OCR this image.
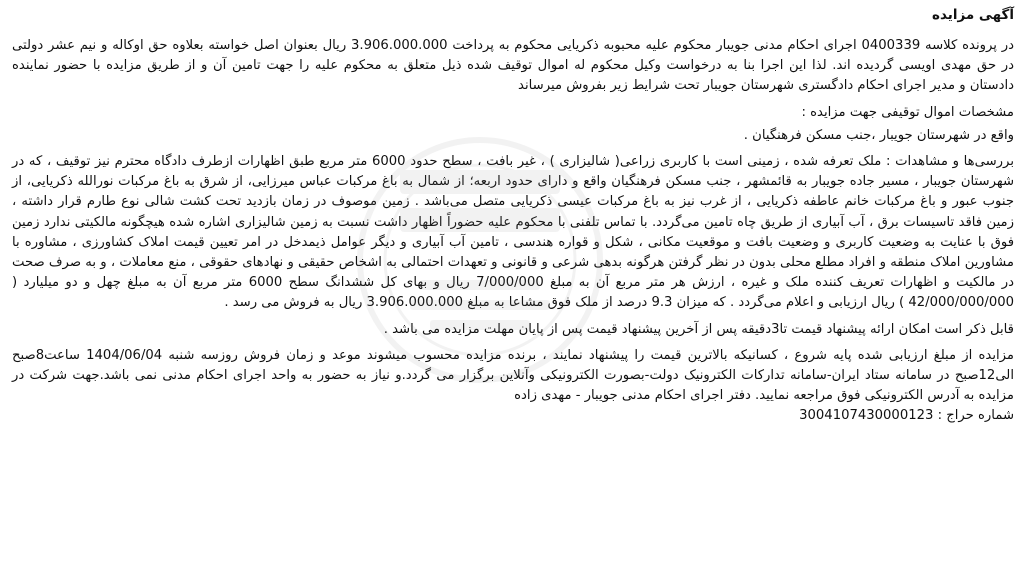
آگهی مزایده

در پرونده کلاسه 0400339 اجرای احکام مدنی جویبار محکوم علیه محبوبه ذکریایی محکوم به پرداخت 3.906.000.000 ریال بعنوان اصل خواسته بعلاوه حق اوکاله و نیم عشر دولتی در حق مهدی اویسی گردیده اند. لذا این اجرا بنا به درخواست وکیل محکوم له اموال توقیف شده ذیل متعلق به محکوم علیه را جهت تامین آن و از طریق مزایده با حضور نماینده دادستان و مدیر اجرای احکام دادگستری شهرستان جویبار تحت شرایط زیر بفروش میرساند

مشخصات اموال توقیفی جهت مزایده :

واقع در شهرستان جویبار ،جنب مسکن فرهنگیان .

بررسی‌ها و مشاهدات : ملک تعرفه شده ، زمینی است با کاربری زراعی( شالیزاری ) ، غیر بافت ، سطح حدود 6000 متر مربع طبق اظهارات ازطرف دادگاه محترم نیز توقیف ، که در شهرستان جویبار ، مسیر جاده جویبار به قائمشهر ، جنب مسکن فرهنگیان واقع و دارای حدود اربعه‌؛ از شمال به باغ مرکبات عباس میرزایی، از شرق به باغ مرکبات نورالله ذکریایی، از جنوب عبور و باغ مرکبات خانم عاطفه ذکریایی ، از غرب نیز به باغ مرکبات عیسی ذکریایی متصل می‌باشد . زمین موصوف در زمان بازدید تحت کشت شالی نوع طارم قرار داشته ، زمین فاقد تاسیسات برق ، آب آبیاری از طریق چاه تامین می‌گردد. با تماس تلفنی با محکوم علیه حضوراً اظهار داشت نسبت به زمین شالیزاری اشاره شده هیچگونه مالکیتی ندارد زمین فوق با عنایت به وضعیت کاربری و وضعیت بافت و موقعیت مکانی ، شکل و قواره هندسی ، تامین آب آبیاری و دیگر عوامل ذیمدخل در امر تعیین قیمت املاک کشاورزی ، مشاوره با مشاورین املاک منطقه و افراد مطلع محلی بدون در نظر گرفتن هرگونه بدهی شرعی و قانونی و تعهدات احتمالی به اشخاص حقیقی و نهادهای حقوقی ، منع معاملات ، و به صرف صحت در مالکیت و اظهارات تعریف کننده ملک و غیره ، ارزش هر متر مربع آن به مبلغ 7/000/000 ریال و بهای کل ششدانگ سطح 6000 متر مربع آن به مبلغ چهل و دو میلیارد ( 42/000/000/000 ) ریال ارزیابی و اعلام می‌گردد . که میزان 9.3 درصد از ملک فوق مشاعا به مبلغ 3.906.000.000 ریال به فروش می رسد .

قابل ذکر است امکان ارائه پیشنهاد قیمت تا3دقیقه پس از آخرین پیشنهاد قیمت پس از پایان مهلت مزایده می باشد .

مزایده از مبلغ ارزیابی شده پایه شروع ، کسانیکه بالاترین قیمت را پیشنهاد نمایند ، برنده مزایده محسوب میشوند موعد و زمان فروش روزسه شنبه 1404/06/04 ساعت8صبح الی12صبح در سامانه ستاد ایران-سامانه تدارکات الکترونیک دولت-بصورت الکترونیکی وآنلاین برگزار می گردد.و نیاز به حضور به واحد اجرای احکام مدنی نمی باشد.جهت شرکت در مزایده به آدرس الکترونیکی فوق مراجعه نمایید. دفتر اجرای احکام مدنی جویبار - مهدی زاده

شماره حراج : 3004107430000123
